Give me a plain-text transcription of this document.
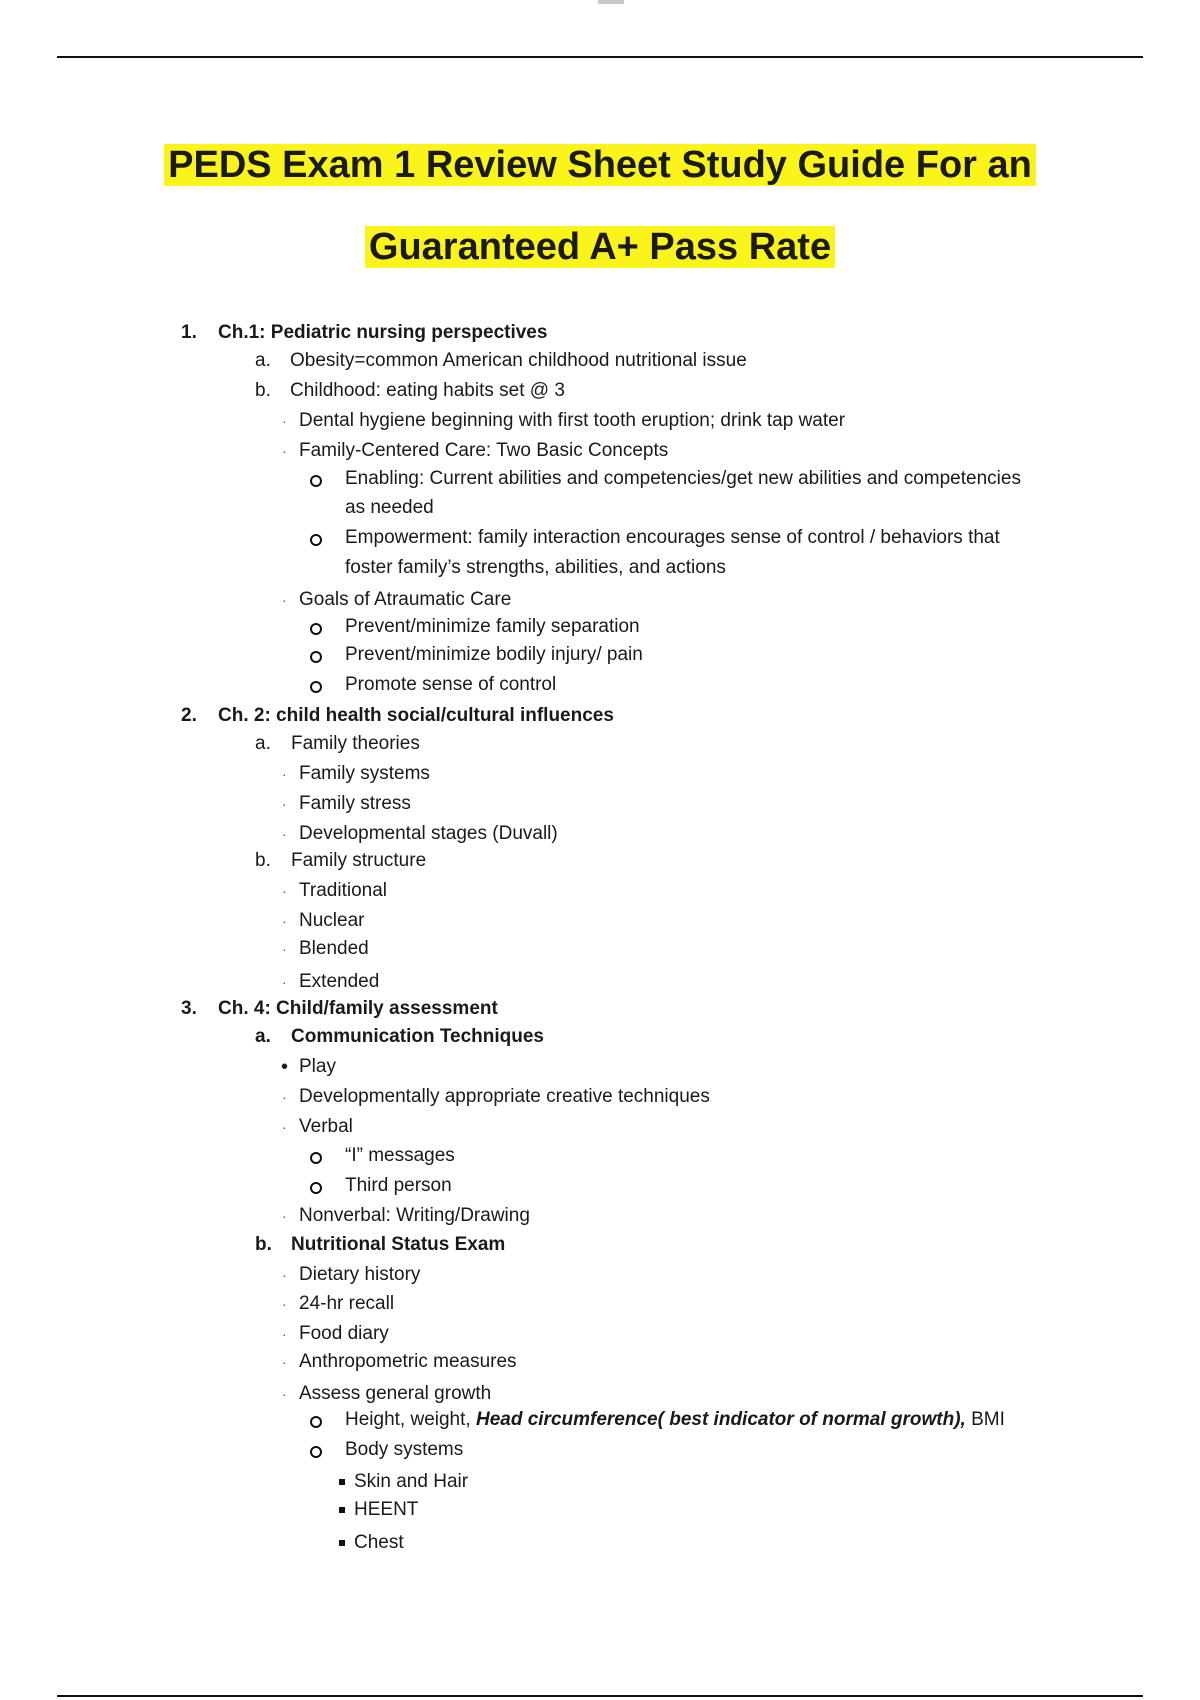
PEDS Exam 1 Review Sheet Study Guide For an
Guaranteed A+ Pass Rate
1. Ch.1: Pediatric nursing perspectives
a. Obesity=common American childhood nutritional issue
b. Childhood: eating habits set @ 3
· Dental hygiene beginning with first tooth eruption; drink tap water
· Family-Centered Care: Two Basic Concepts
Enabling: Current abilities and competencies/get new abilities and competencies
as needed
Empowerment: family interaction encourages sense of control / behaviors that
foster family’s strengths, abilities, and actions
· Goals of Atraumatic Care
Prevent/minimize family separation
Prevent/minimize bodily injury/ pain
Promote sense of control
2. Ch. 2: child health social/cultural influences
a. Family theories
· Family systems
· Family stress
· Developmental stages (Duvall)
b. Family structure
· Traditional
· Nuclear
· Blended
· Extended
3. Ch. 4: Child/family assessment
a. Communication Techniques
• Play
· Developmentally appropriate creative techniques
· Verbal
“I” messages
Third person
· Nonverbal: Writing/Drawing
b. Nutritional Status Exam
· Dietary history
· 24-hr recall
· Food diary
· Anthropometric measures
· Assess general growth
Height, weight, Head circumference( best indicator of normal growth), BMI
Body systems
Skin and Hair
HEENT
Chest
